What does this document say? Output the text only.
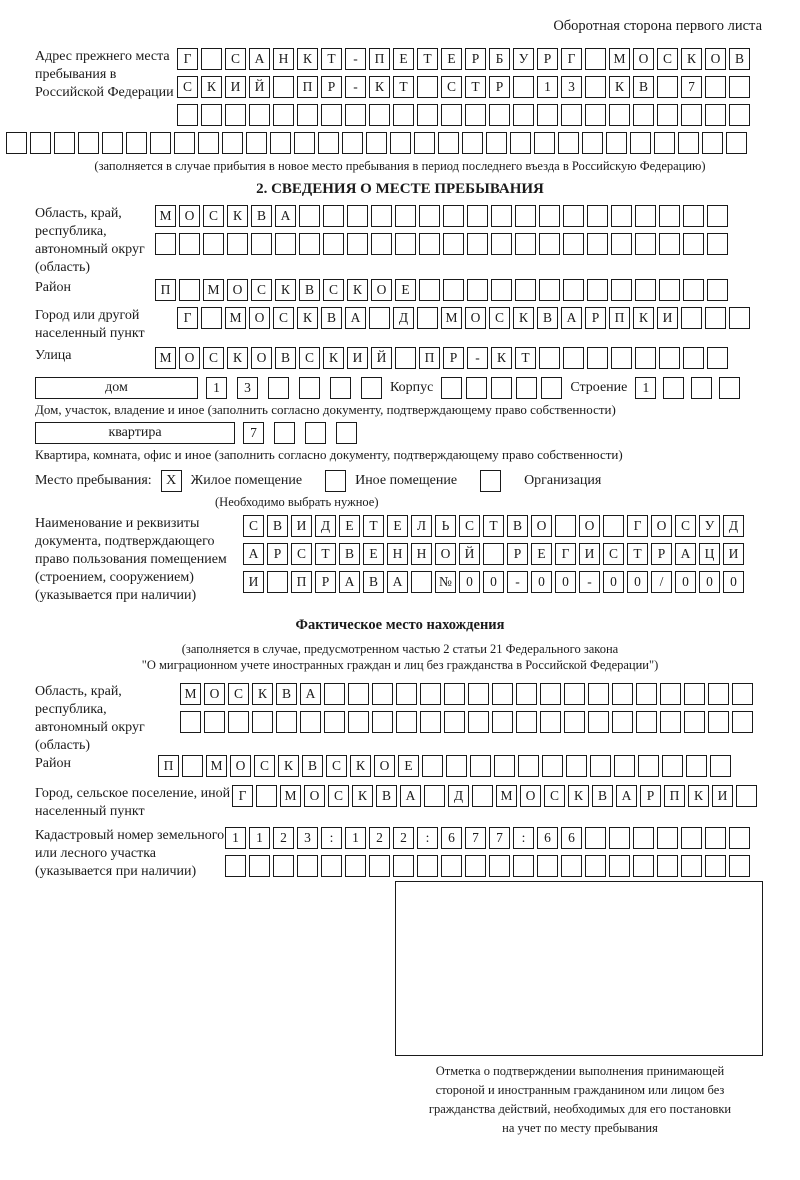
Оборотная сторона первого листа
Адрес прежнего места пребывания в Российской Федерации
Г	С	А	Н	К	Т	-	П	Е	Т	Е	Р	Б	У	Р	Г	М О	С	К	О	В
С	К	И	Й	П	Р	-	К	Т	С	Т	Р	1	3	К	В	7
(заполняется в случае прибытия в новое место пребывания в период последнего въезда в Российскую Федерацию)
2. СВЕДЕНИЯ О МЕСТЕ ПРЕБЫВАНИЯ
Область, край, республика, автономный округ (область)
М О	С	К	В	А
Район	П	М О	С	К	В	С	К	О	Е
Город или другой населенный пункт
Г	М О	С	К	В	А	Д	М О	С	К	В	А	Р	П	К	И
Улица	М О	С	К	О	В	С	К	И	Й	П	Р	-	К	Т
дом	1	3	Корпус	Строение	1
Дом, участок, владение и иное (заполнить согласно документу, подтверждающему право собственности)
квартира	7
Квартира, комната, офис и иное (заполнить согласно документу, подтверждающему право собственности)
Место пребывания:	X	Жилое помещение	Иное помещение	Организация
(Необходимо выбрать нужное)
Наименование и реквизиты документа, подтверждающего право пользования помещением (строением, сооружением) (указывается при наличии)
С	В	И	Д	Е	Т	Е	Л	Ь	С	Т	В	О	О	Г	О	С	У	Д
А	Р	С	Т	В	Е	Н	Н	О	Й	Р	Е	Г	И	С	Т	Р	А	Ц	И
И	П	Р	А	В	А	№	0	0	-	0	0	-	0	0	/	0	0	0
Фактическое место нахождения
(заполняется в случае, предусмотренном частью 2 статьи 21 Федерального закона
"О миграционном учете иностранных граждан и лиц без гражданства в Российской Федерации")
Область, край, республика, автономный округ (область)
М О	С	К	В	А
Район	П	М О	С	К	В	С	К	О	Е
Город, сельское поселение, иной населенный пункт
Г	М О	С	К	В	А	Д	М О	С	К	В	А	Р	П	К	И
Кадастровый номер земельного или лесного участка (указывается при наличии)
1	1	2	3	:	1	2	2	:	6	7	7	:	6	6
Отметка о подтверждении выполнения принимающей
стороной и иностранным гражданином или лицом без
гражданства действий, необходимых для его постановки
на учет по месту пребывания
